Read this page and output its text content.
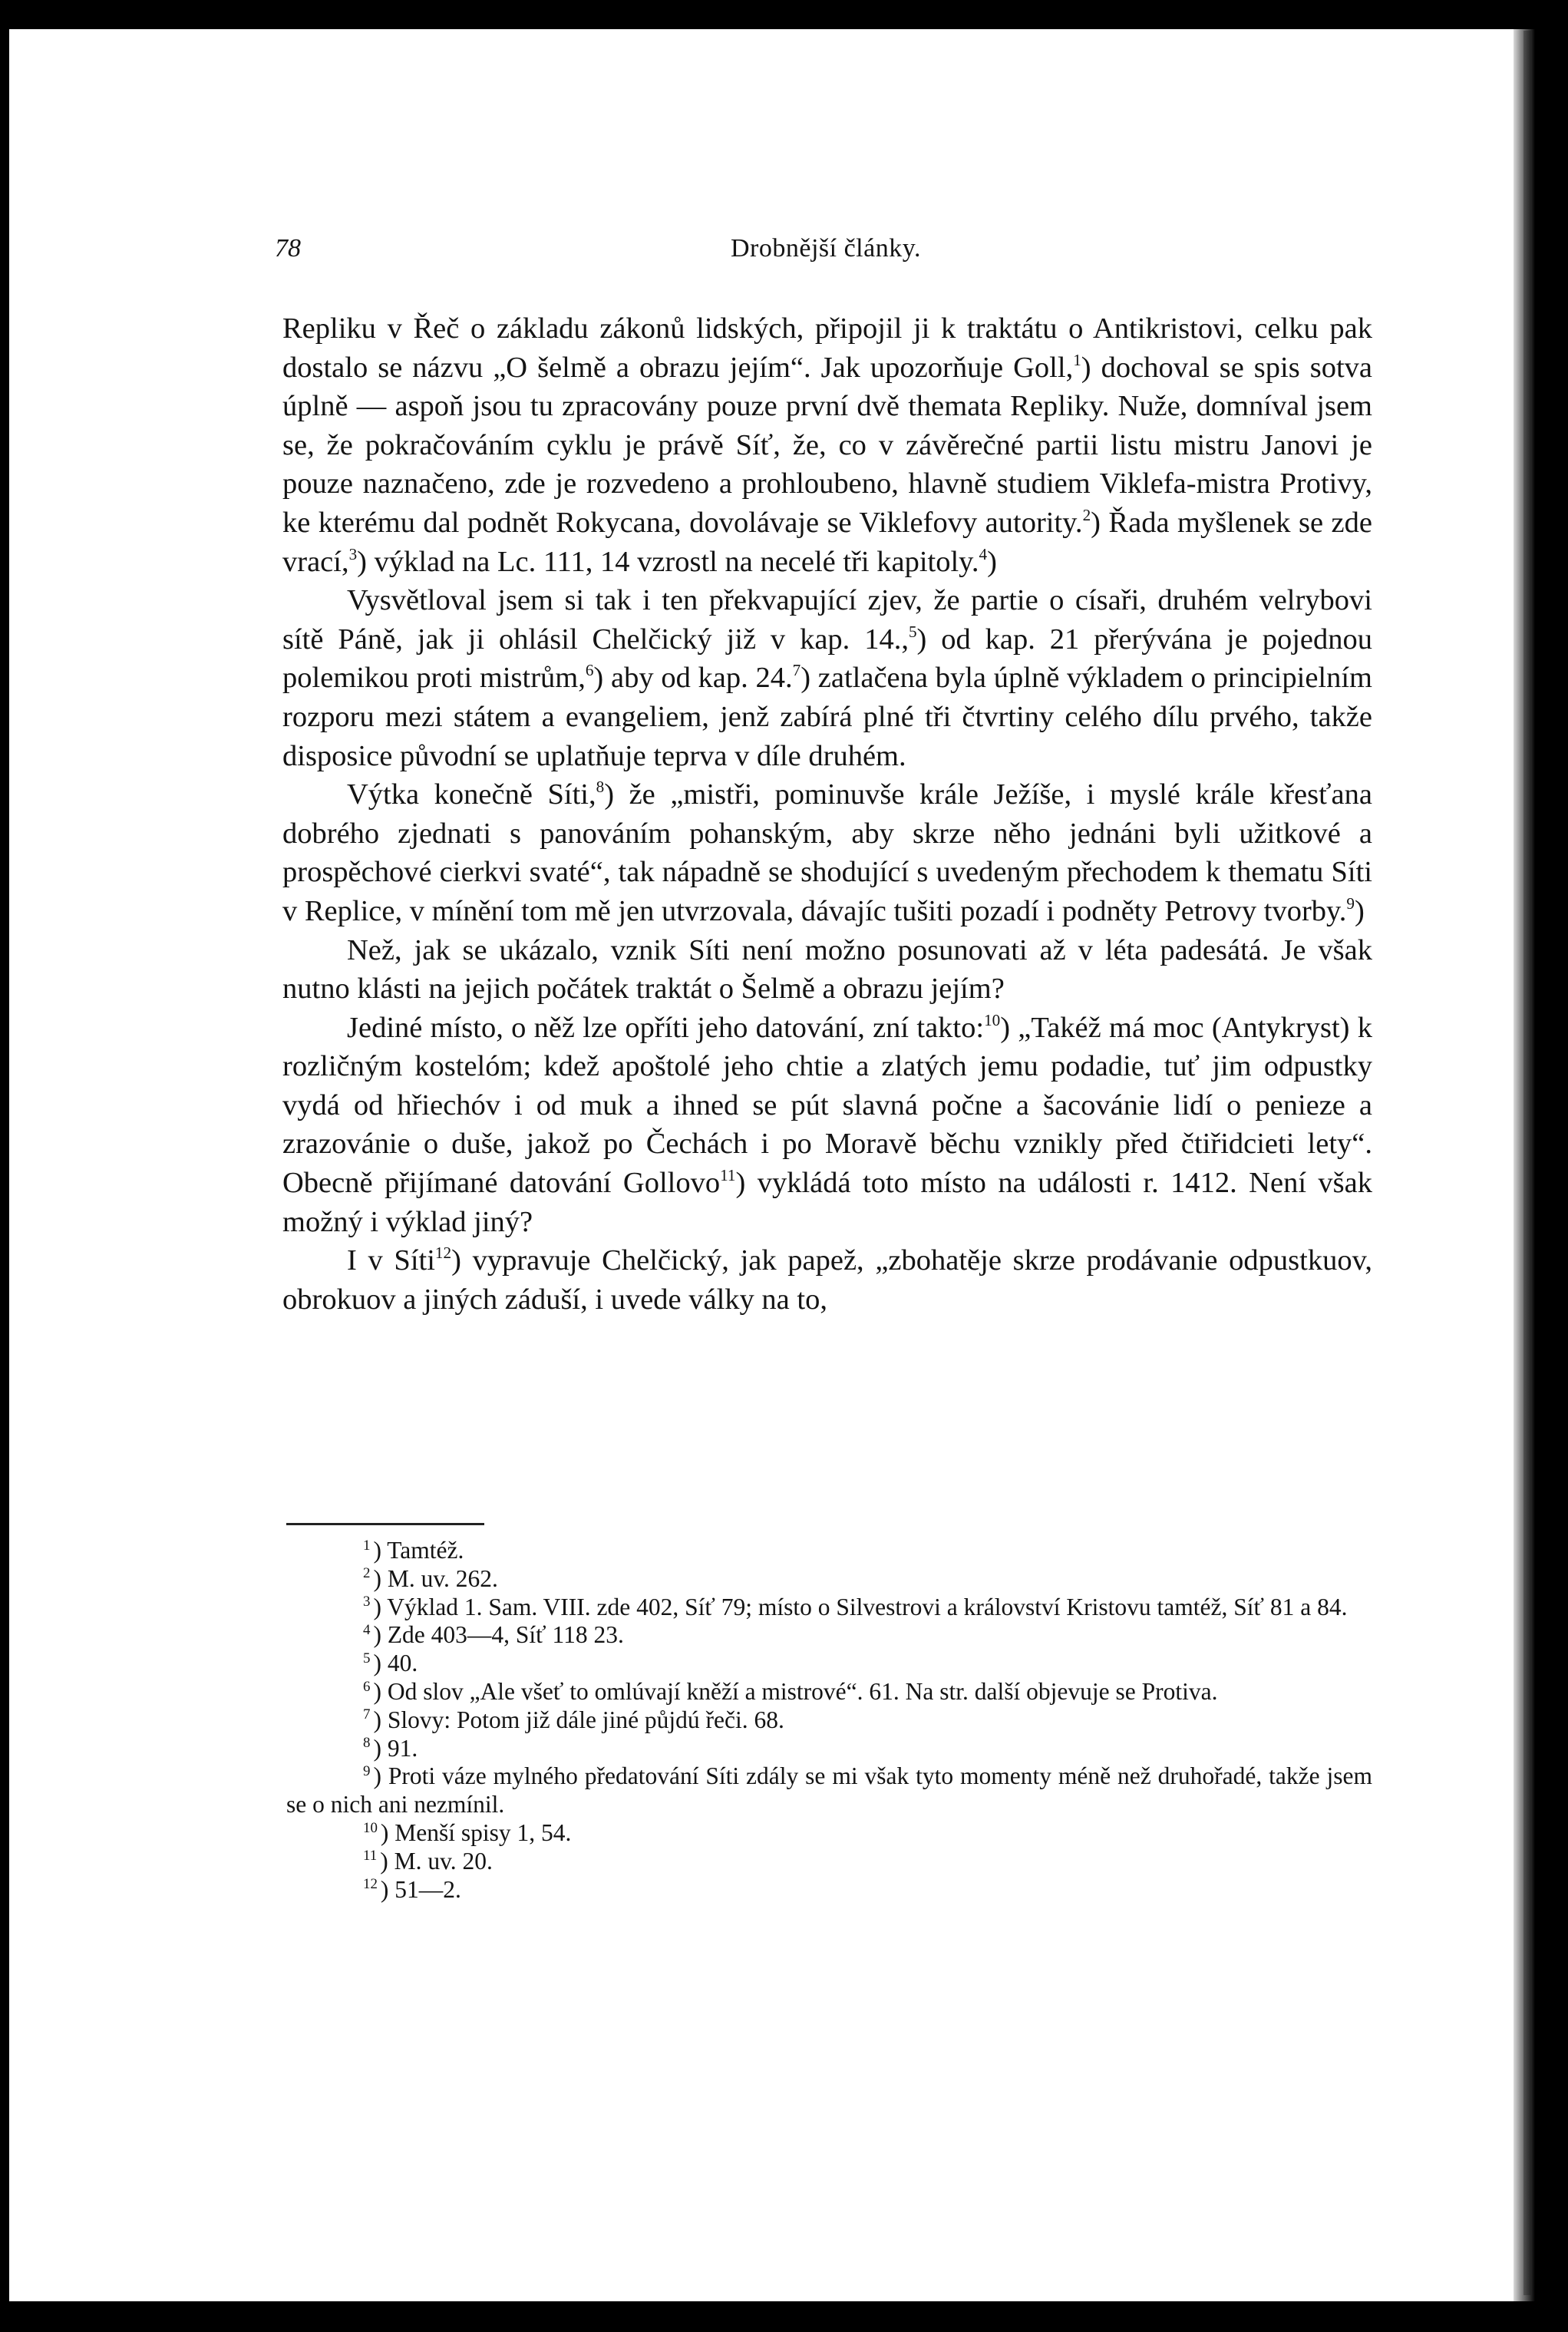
78	Drobnější články.

Repliku v Řeč o základu zákonů lidských, připojil ji k traktátu o Antikristovi, celku pak dostalo se názvu „O šelmě a obrazu jejím“. Jak upozorňuje Goll,$^1$) dochoval se spis sotva úplně — aspoň jsou tu zpracovány pouze první dvě themata Repliky. Nuže, domníval jsem se, že pokračováním cyklu je právě Síť, že, co v závěrečné partii listu mistru Janovi je pouze naznačeno, zde je rozvedeno a prohloubeno, hlavně studiem Viklefa-mistra Protivy, ke kterému dal podnět Rokycana, dovolávaje se Viklefovy autority.$^2$) Řada myšlenek se zde vrací,$^3$) výklad na Lc. 111, 14 vzrostl na necelé tři kapitoly.$^4$)

Vysvětloval jsem si tak i ten překvapující zjev, že partie o císaři, druhém velrybovi sítě Páně, jak ji ohlásil Chelčický již v kap. 14.,$^5$) od kap. 21 přerývána je pojednou polemikou proti mistrům,$^6$) aby od kap. 24.$^7$) zatlačena byla úplně výkladem o principielním rozporu mezi státem a evangeliem, jenž zabírá plné tři čtvrtiny celého dílu prvého, takže disposice původní se uplatňuje teprva v díle druhém.

Výtka konečně Síti,$^8$) že „mistři, pominuvše krále Ježíše, i myslé krále křesťana dobrého zjednati s panováním pohanským, aby skrze něho jednáni byli užitkové a prospěchové cierkvi svaté“, tak nápadně se shodující s uvedeným přechodem k thematu Síti v Replice, v mínění tom mě jen utvrzovala, dávajíc tušiti pozadí i podněty Petrovy tvorby.$^9$)

Než, jak se ukázalo, vznik Síti není možno posunovati až v léta padesátá. Je však nutno klásti na jejich počátek traktát o Šelmě a obrazu jejím?

Jediné místo, o něž lze opříti jeho datování, zní takto:$^{10}$) „Takéž má moc (Antykryst) k rozličným kostelóm; kdež apoštolé jeho chtie a zlatých jemu podadie, tuť jim odpustky vydá od hřiechóv i od muk a ihned se pút slavná počne a šacovánie lidí o penieze a zrazovánie o duše, jakož po Čechách i po Moravě běchu vznikly před čtiřidcieti lety“. Obecně přijímané datování Gollovo$^{11}$) vykládá toto místo na události r. 1412. Není však možný i výklad jiný?

I v Síti$^{12}$) vypravuje Chelčický, jak papež, „zbohatěje skrze prodávanie odpustkuov, obrokuov a jiných záduší, i uvede války na to,

$^1$ ) Tamtéž.

$^2$ ) M. uv. 262.

$^3$ ) Výklad 1. Sam. VIII. zde 402, Síť 79; místo o Silvestrovi a království Kristovu tamtéž, Síť 81 a 84.

$^4$ ) Zde 403—4, Síť 118 23.

$^5$ ) 40.

$^6$ ) Od slov „Ale všeť to omlúvají kněží a mistrové“. 61. Na str. další objevuje se Protiva.

$^7$ ) Slovy: Potom již dále jiné půjdú řeči. 68.

$^8$ ) 91.

$^9$ ) Proti váze mylného předatování Síti zdály se mi však tyto momenty méně než druhořadé, takže jsem se o nich ani nezmínil.

$^{10}$ ) Menší spisy 1, 54.

$^{11}$ ) M. uv. 20.

$^{12}$ ) 51—2.
